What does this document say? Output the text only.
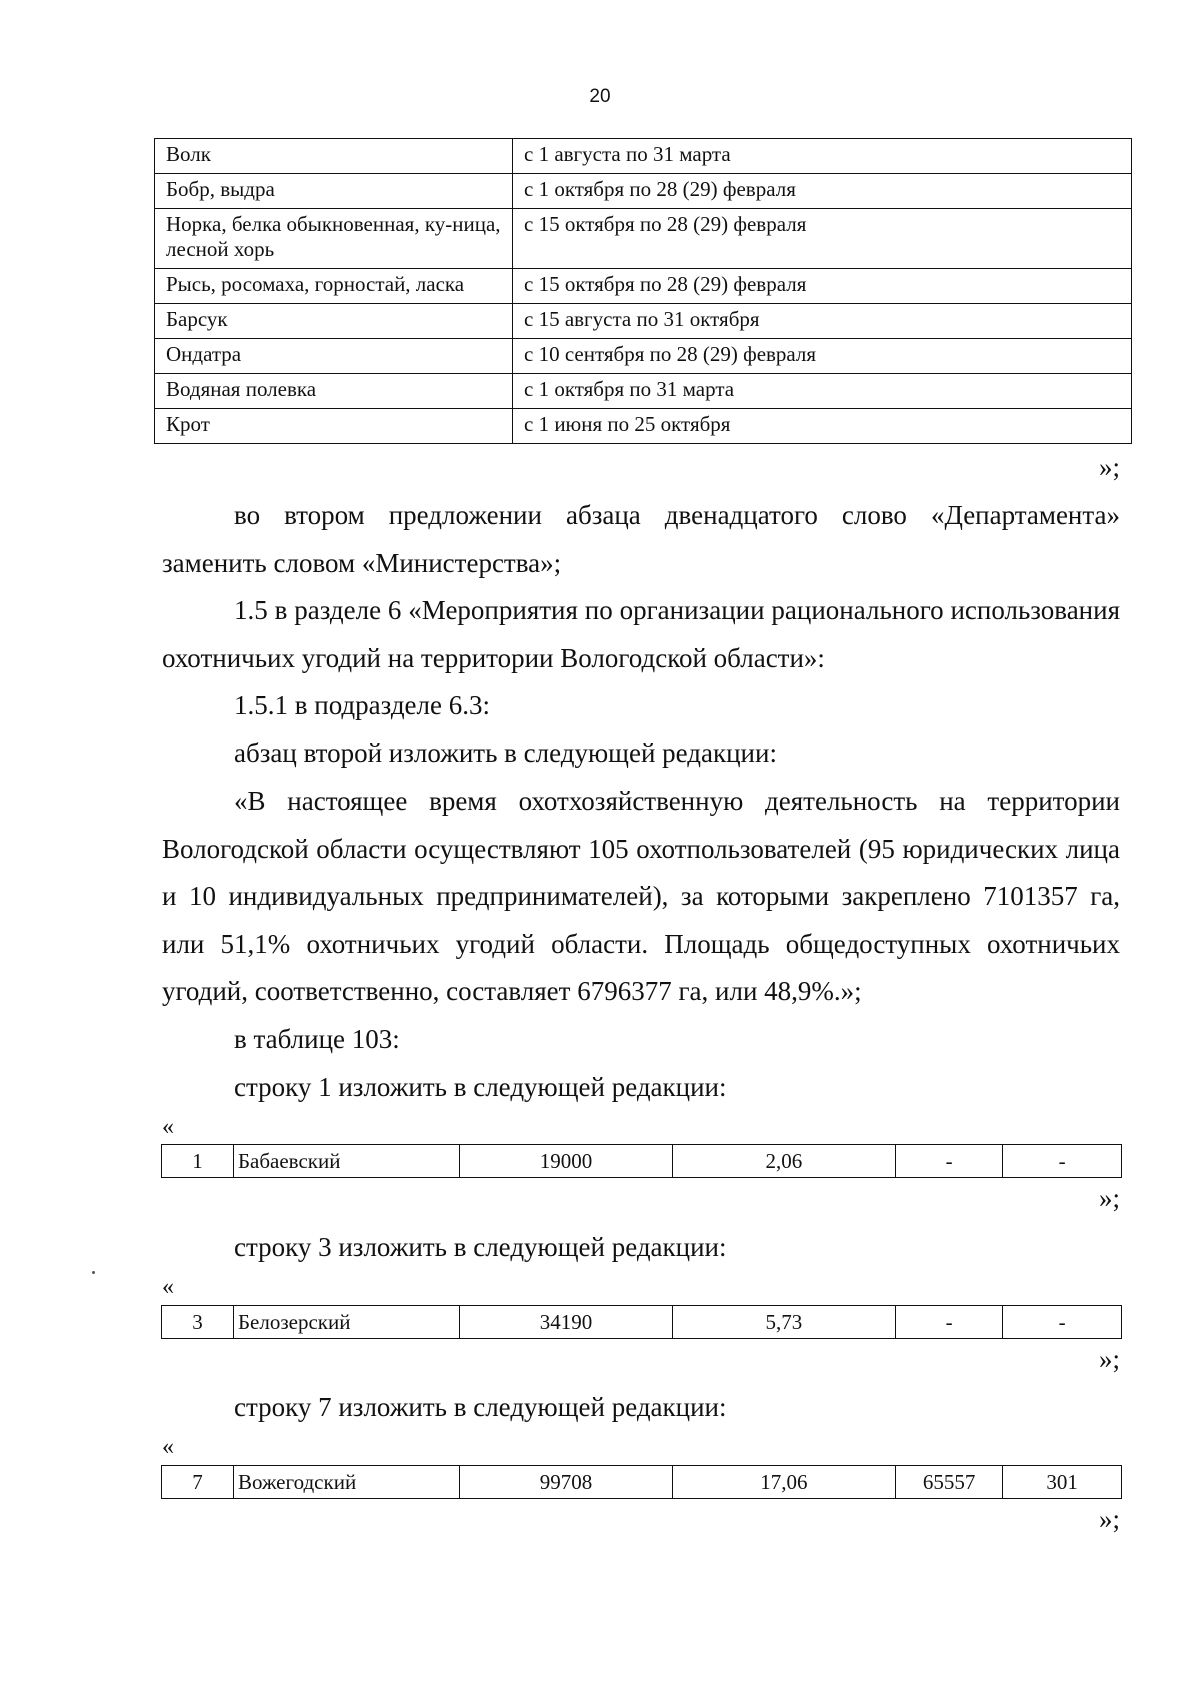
20
Волк	с 1 августа по 31 марта
Бобр, выдра	с 1 октября по 28 (29) февраля
Норка, белка обыкновенная, ку-ница, лесной хорь	с 15 октября по 28 (29) февраля
Рысь, росомаха, горностай, ласка	с 15 октября по 28 (29) февраля
Барсук	с 15 августа по 31 октября
Ондатра	с 10 сентября по 28 (29) февраля
Водяная полевка	с 1 октября по 31 марта
Крот	с 1 июня по 25 октября
»;

во втором предложении абзаца двенадцатого слово «Департамента» заменить словом «Министерства»;

1.5 в разделе 6 «Мероприятия по организации рационального использования охотничьих угодий на территории Вологодской области»:

1.5.1 в подразделе 6.3:

абзац второй изложить в следующей редакции:

«В настоящее время охотхозяйственную деятельность на территории Вологодской области осуществляют 105 охотпользователей (95 юридических лица и 10 индивидуальных предпринимателей), за которыми закреплено 7101357 га, или 51,1% охотничьих угодий области. Площадь общедоступных охотничьих угодий, соответственно, составляет 6796377 га, или 48,9%.»;

в таблице 103:

строку 1 изложить в следующей редакции:

«
1	Бабаевский	19000	2,06	-	-
»;

строку 3 изложить в следующей редакции:

«
3	Белозерский	34190	5,73	-	-
»;

строку 7 изложить в следующей редакции:

«
7	Вожегодский	99708	17,06	65557	301
»;
